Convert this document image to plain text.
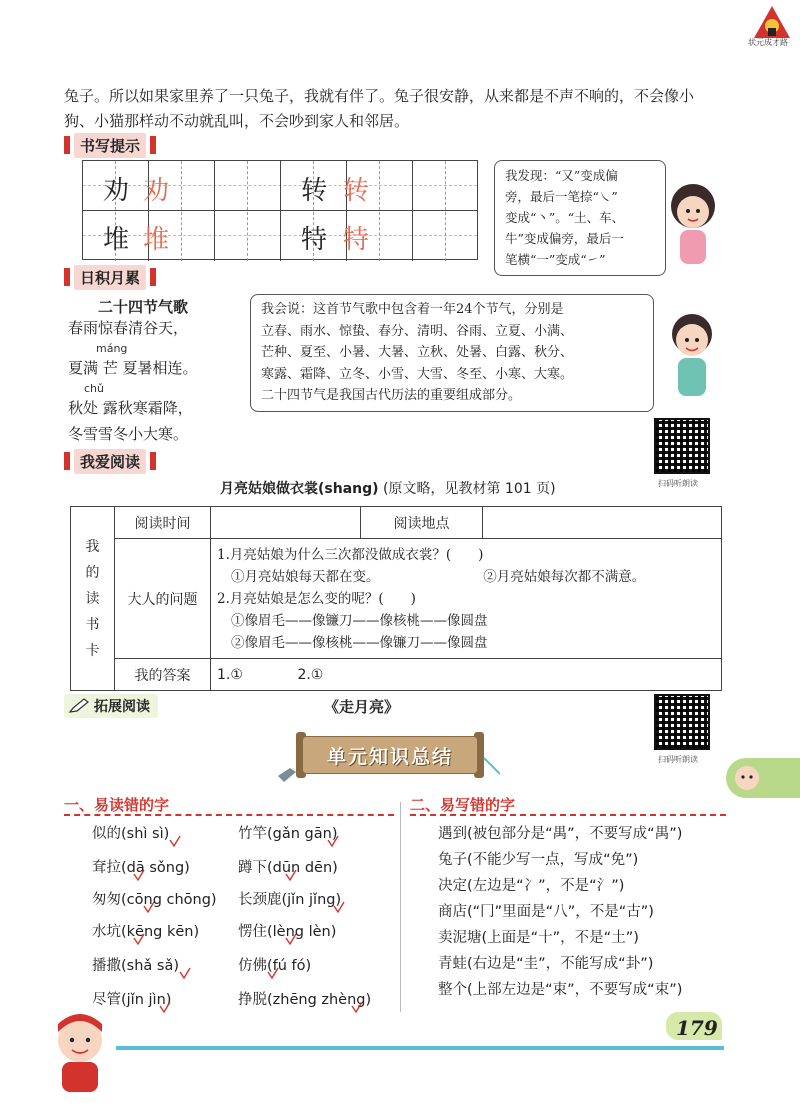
状元成才路
兔子。所以如果家里养了一只兔子，我就有伴了。兔子很安静，从来都是不声不响的，不会像小
狗、小猫那样动不动就乱叫，不会吵到家人和邻居。
书写提示
劝 劝	转 转
堆 堆	特 特
我发现：“又”变成偏
旁，最后一笔捺“㇏”
变成“丶”。“土、车、
牛”变成偏旁，最后一
笔横“一”变成“㇀”
日积月累
二十四节气歌
春雨惊春清谷天，
máng
夏满 芒 夏暑相连。
chǔ
秋处 露秋寒霜降，
冬雪雪冬小大寒。
我会说：这首节气歌中包含着一年24个节气，分别是
立春、雨水、惊蛰、春分、清明、谷雨、立夏、小满、
芒种、夏至、小暑、大暑、立秋、处暑、白露、秋分、
寒露、霜降、立冬、小雪、大雪、冬至、小寒、大寒。
二十四节气是我国古代历法的重要组成部分。
扫码听朗读
我爱阅读
月亮姑娘做衣裳(shang) (原文略，见教材第 101 页)
我
的
读
书
卡	阅读时间		阅读地点	
	大人的问题	1.月亮姑娘为什么三次都没做成衣裳？(　　)
①月亮姑娘每天都在变。 ②月亮姑娘每次都不满意。
2.月亮姑娘是怎么变的呢？(　　)
①像眉毛——像镰刀——像核桃——像圆盘
②像眉毛——像核桃——像镰刀——像圆盘		

	我的答案	1.① 2.①		
拓展阅读	《走月亮》
扫码听朗读
单元知识总结
一、易读错的字
似的(shì sì)	竹竿(gǎn gān)
耷拉(dā sǒng)	蹲下(dūn dēn)
匆匆(cōng chōng) 长颈鹿(jǐn jǐng)
水坑(kēng kēn)	愣住(lèng lèn)
播撒(shǎ sǎ)	仿佛(fú fó)
尽管(jǐn jìn)	挣脱(zhēng zhèng)
二、易写错的字
遇到(被包部分是“禺”，不要写成“禺”)
兔子(不能少写一点，写成“免”)
决定(左边是“冫”，不是“氵”)
商店(“冂”里面是“八”，不是“古”)
卖泥塘(上面是“十”，不是“土”)
青蛙(右边是“圭”，不能写成“卦”)
整个(上部左边是“束”，不要写成“束”)
179
